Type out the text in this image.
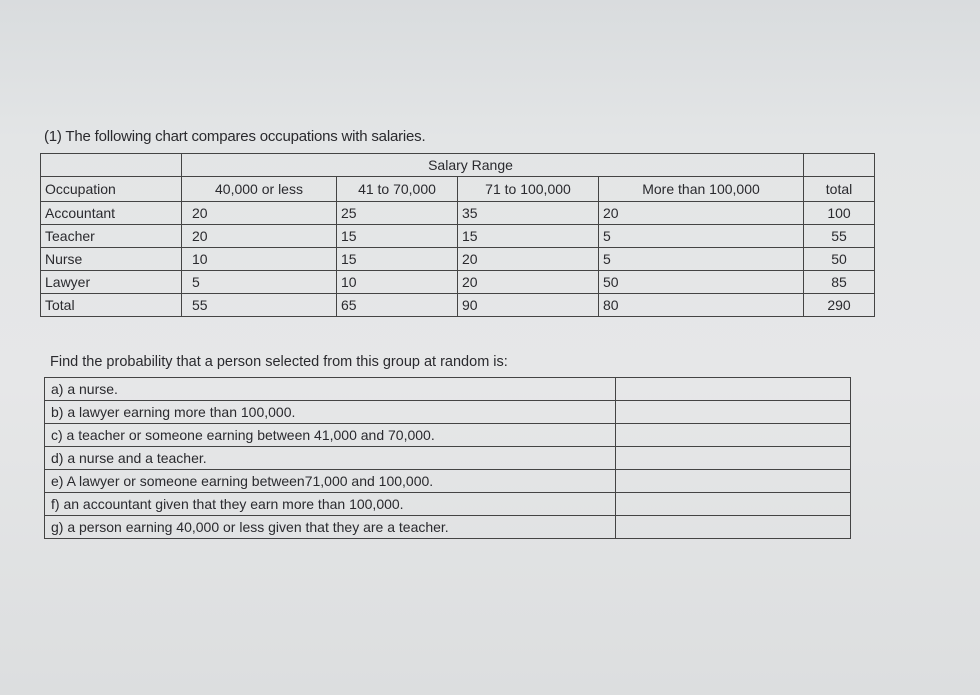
(1) The following chart compares occupations with salaries.
	Salary Range				
Occupation	40,000 or less	41 to 70,000	71 to 100,000	More than 100,000	total
Accountant	20	25	35	20	100
Teacher	20	15	15	5	55
Nurse	10	15	20	5	50
Lawyer	5	10	20	50	85
Total	55	65	90	80	290
Find the probability that a person selected from this group at random is:
a) a nurse.	
b) a lawyer earning more than 100,000.	
c) a teacher or someone earning between 41,000 and 70,000.	
d) a nurse and a teacher.	
e) A lawyer or someone earning between71,000 and 100,000.	
f) an accountant given that they earn more than 100,000.	
g) a person earning 40,000 or less given that they are a teacher.	
